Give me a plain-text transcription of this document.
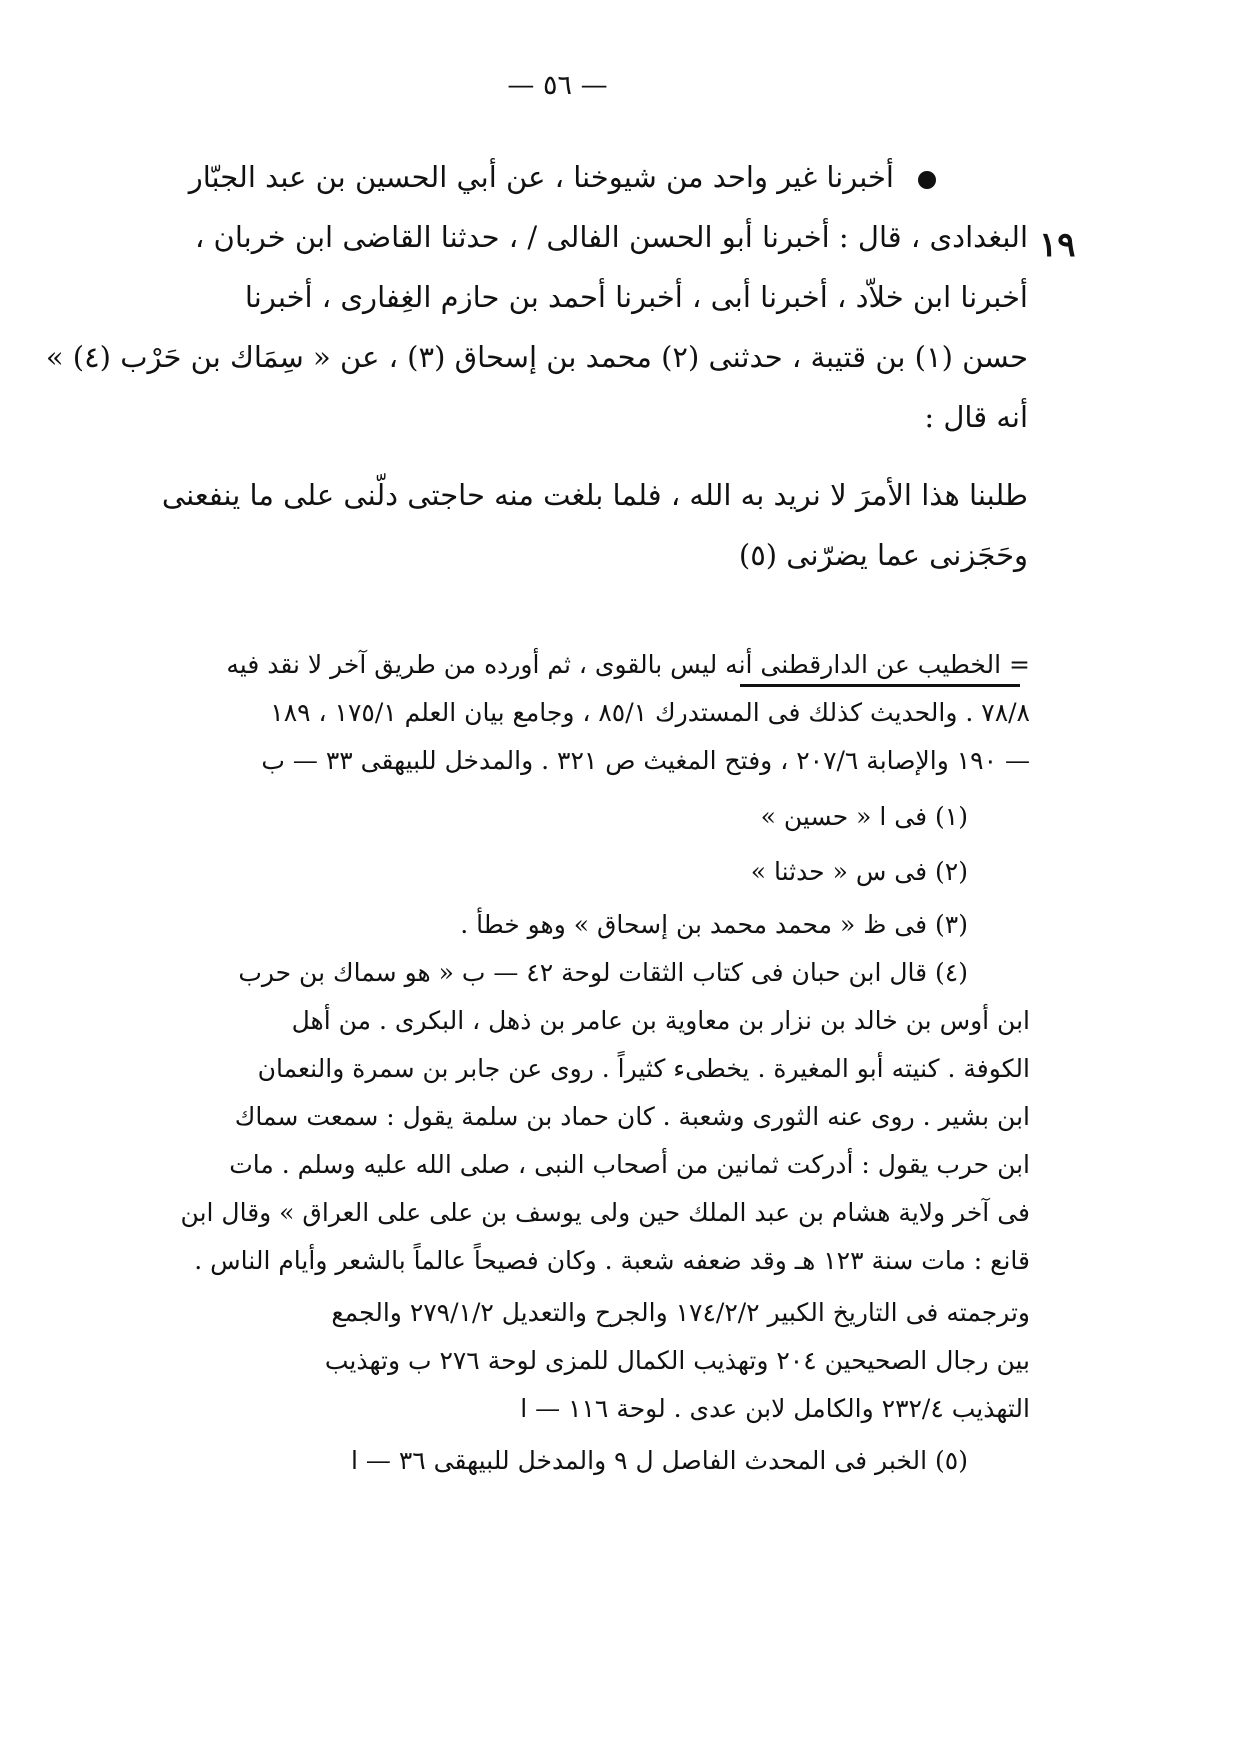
— ٥٦ —
١٩
أخبرنا غير واحد من شيوخنا ، عن أبي الحسين بن عبد الجبّار
البغدادى ، قال : أخبرنا أبو الحسن الفالى / ، حدثنا القاضى ابن خربان ،
أخبرنا ابن خلاّد ، أخبرنا أبى ، أخبرنا أحمد بن حازم الغِفارى ، أخبرنا
حسن (١) بن قتيبة ، حدثنى (٢) محمد بن إسحاق (٣) ، عن « سِمَاك بن حَرْب (٤) »
أنه قال :
طلبنا هذا الأمرَ لا نريد به الله ، فلما بلغت منه حاجتى دلّنى على ما ينفعنى
وحَجَزنى عما يضرّنى (٥)
= الخطيب عن الدارقطنى أنه ليس بالقوى ، ثم أورده من طريق آخر لا نقد فيه
٧٨/٨ . والحديث كذلك فى المستدرك ٨٥/١ ، وجامع بيان العلم ١٧٥/١ ، ١٨٩
— ١٩٠ والإصابة ٢٠٧/٦ ، وفتح المغيث ص ٣٢١ . والمدخل للبيهقى ٣٣ — ب
(١) فى ا « حسين »
(٢) فى س « حدثنا »
(٣) فى ظ « محمد محمد بن إسحاق » وهو خطأ .
(٤) قال ابن حبان فى كتاب الثقات لوحة ٤٢ — ب « هو سماك بن حرب
ابن أوس بن خالد بن نزار بن معاوية بن عامر بن ذهل ، البكرى . من أهل
الكوفة . كنيته أبو المغيرة . يخطىء كثيراً . روى عن جابر بن سمرة والنعمان
ابن بشير . روى عنه الثورى وشعبة . كان حماد بن سلمة يقول : سمعت سماك
ابن حرب يقول : أدركت ثمانين من أصحاب النبى ، صلى الله عليه وسلم . مات
فى آخر ولاية هشام بن عبد الملك حين ولى يوسف بن على على العراق » وقال ابن
قانع : مات سنة ١٢٣ هـ وقد ضعفه شعبة . وكان فصيحاً عالماً بالشعر وأيام الناس .
وترجمته فى التاريخ الكبير ١٧٤/٢/٢ والجرح والتعديل ٢٧٩/١/٢ والجمع
بين رجال الصحيحين ٢٠٤ وتهذيب الكمال للمزى لوحة ٢٧٦ ب وتهذيب
التهذيب ٢٣٢/٤ والكامل لابن عدى . لوحة ١١٦ — ا
(٥) الخبر فى المحدث الفاصل ل ٩ والمدخل للبيهقى ٣٦ — ا
